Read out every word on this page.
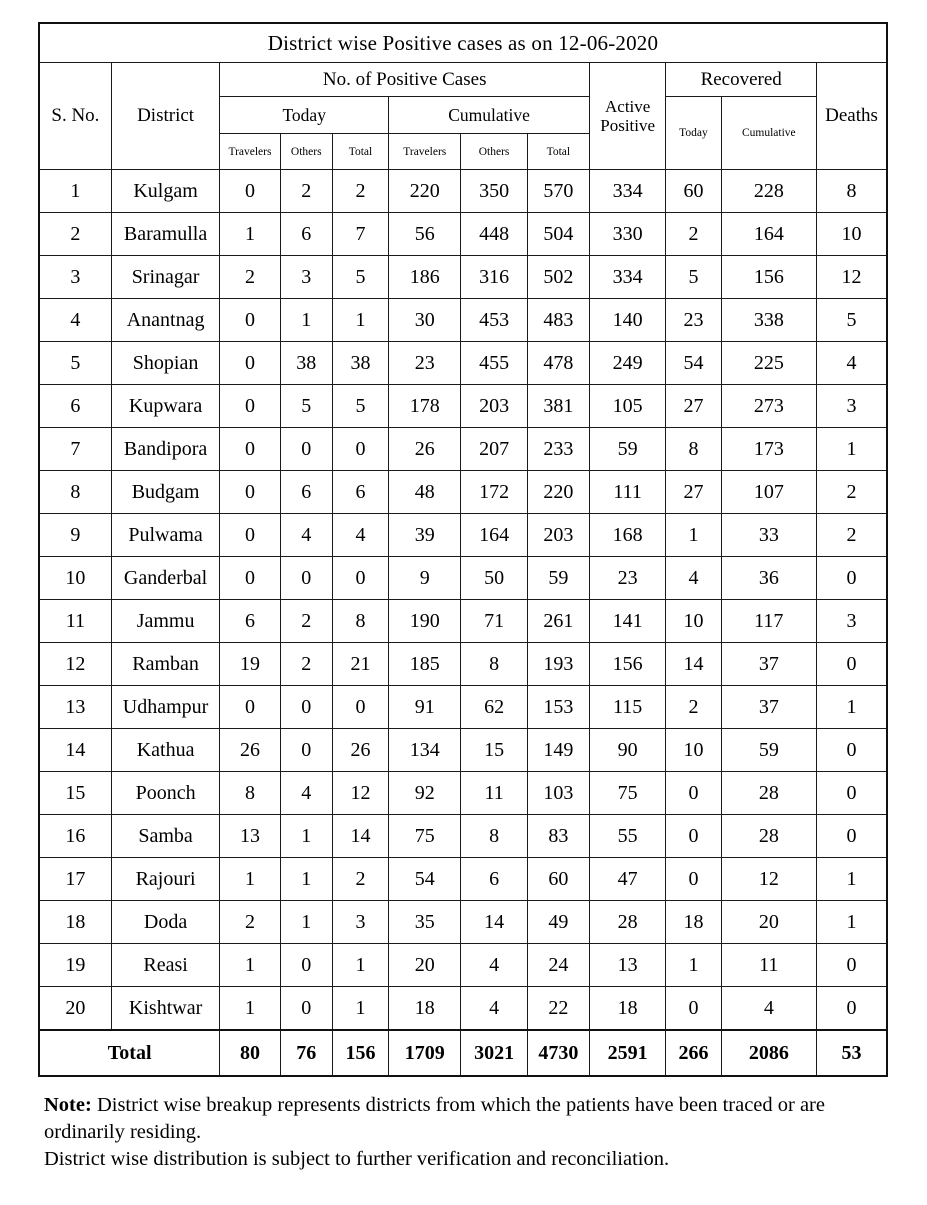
District wise Positive cases as on 12-06-2020											
S. No.	District	No. of Positive Cases						Active
Positive	Recovered		Deaths
		Today			Cumulative				Today	Cumulative	
		Travelers	Others	Total	Travelers	Others	Total				
1	Kulgam	0	2	2	220	350	570	334	60	228	8
2	Baramulla	1	6	7	56	448	504	330	2	164	10
3	Srinagar	2	3	5	186	316	502	334	5	156	12
4	Anantnag	0	1	1	30	453	483	140	23	338	5
5	Shopian	0	38	38	23	455	478	249	54	225	4
6	Kupwara	0	5	5	178	203	381	105	27	273	3
7	Bandipora	0	0	0	26	207	233	59	8	173	1
8	Budgam	0	6	6	48	172	220	111	27	107	2
9	Pulwama	0	4	4	39	164	203	168	1	33	2
10	Ganderbal	0	0	0	9	50	59	23	4	36	0
11	Jammu	6	2	8	190	71	261	141	10	117	3
12	Ramban	19	2	21	185	8	193	156	14	37	0
13	Udhampur	0	0	0	91	62	153	115	2	37	1
14	Kathua	26	0	26	134	15	149	90	10	59	0
15	Poonch	8	4	12	92	11	103	75	0	28	0
16	Samba	13	1	14	75	8	83	55	0	28	0
17	Rajouri	1	1	2	54	6	60	47	0	12	1
18	Doda	2	1	3	35	14	49	28	18	20	1
19	Reasi	1	0	1	20	4	24	13	1	11	0
20	Kishtwar	1	0	1	18	4	22	18	0	4	0
Total		80	76	156	1709	3021	4730	2591	266	2086	53
Note: District wise breakup represents districts from which the patients have been traced or are ordinarily residing.
District wise distribution is subject to further verification and reconciliation.
